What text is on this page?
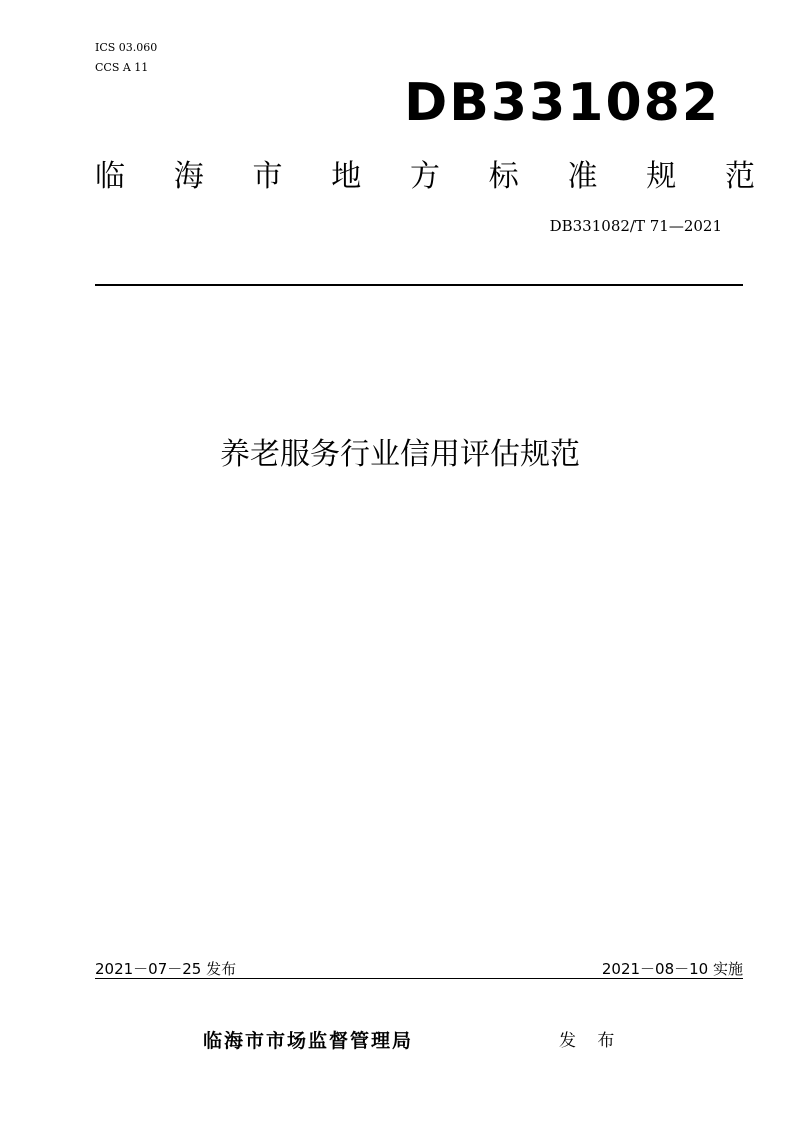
ICS 03.060
CCS A 11
DB331082
临 海 市 地 方 标 准 规 范
DB331082/T 71—2021
养老服务行业信用评估规范
2021－07－25 发布	2021－08－10 实施
临海市市场监督管理局	发 布
